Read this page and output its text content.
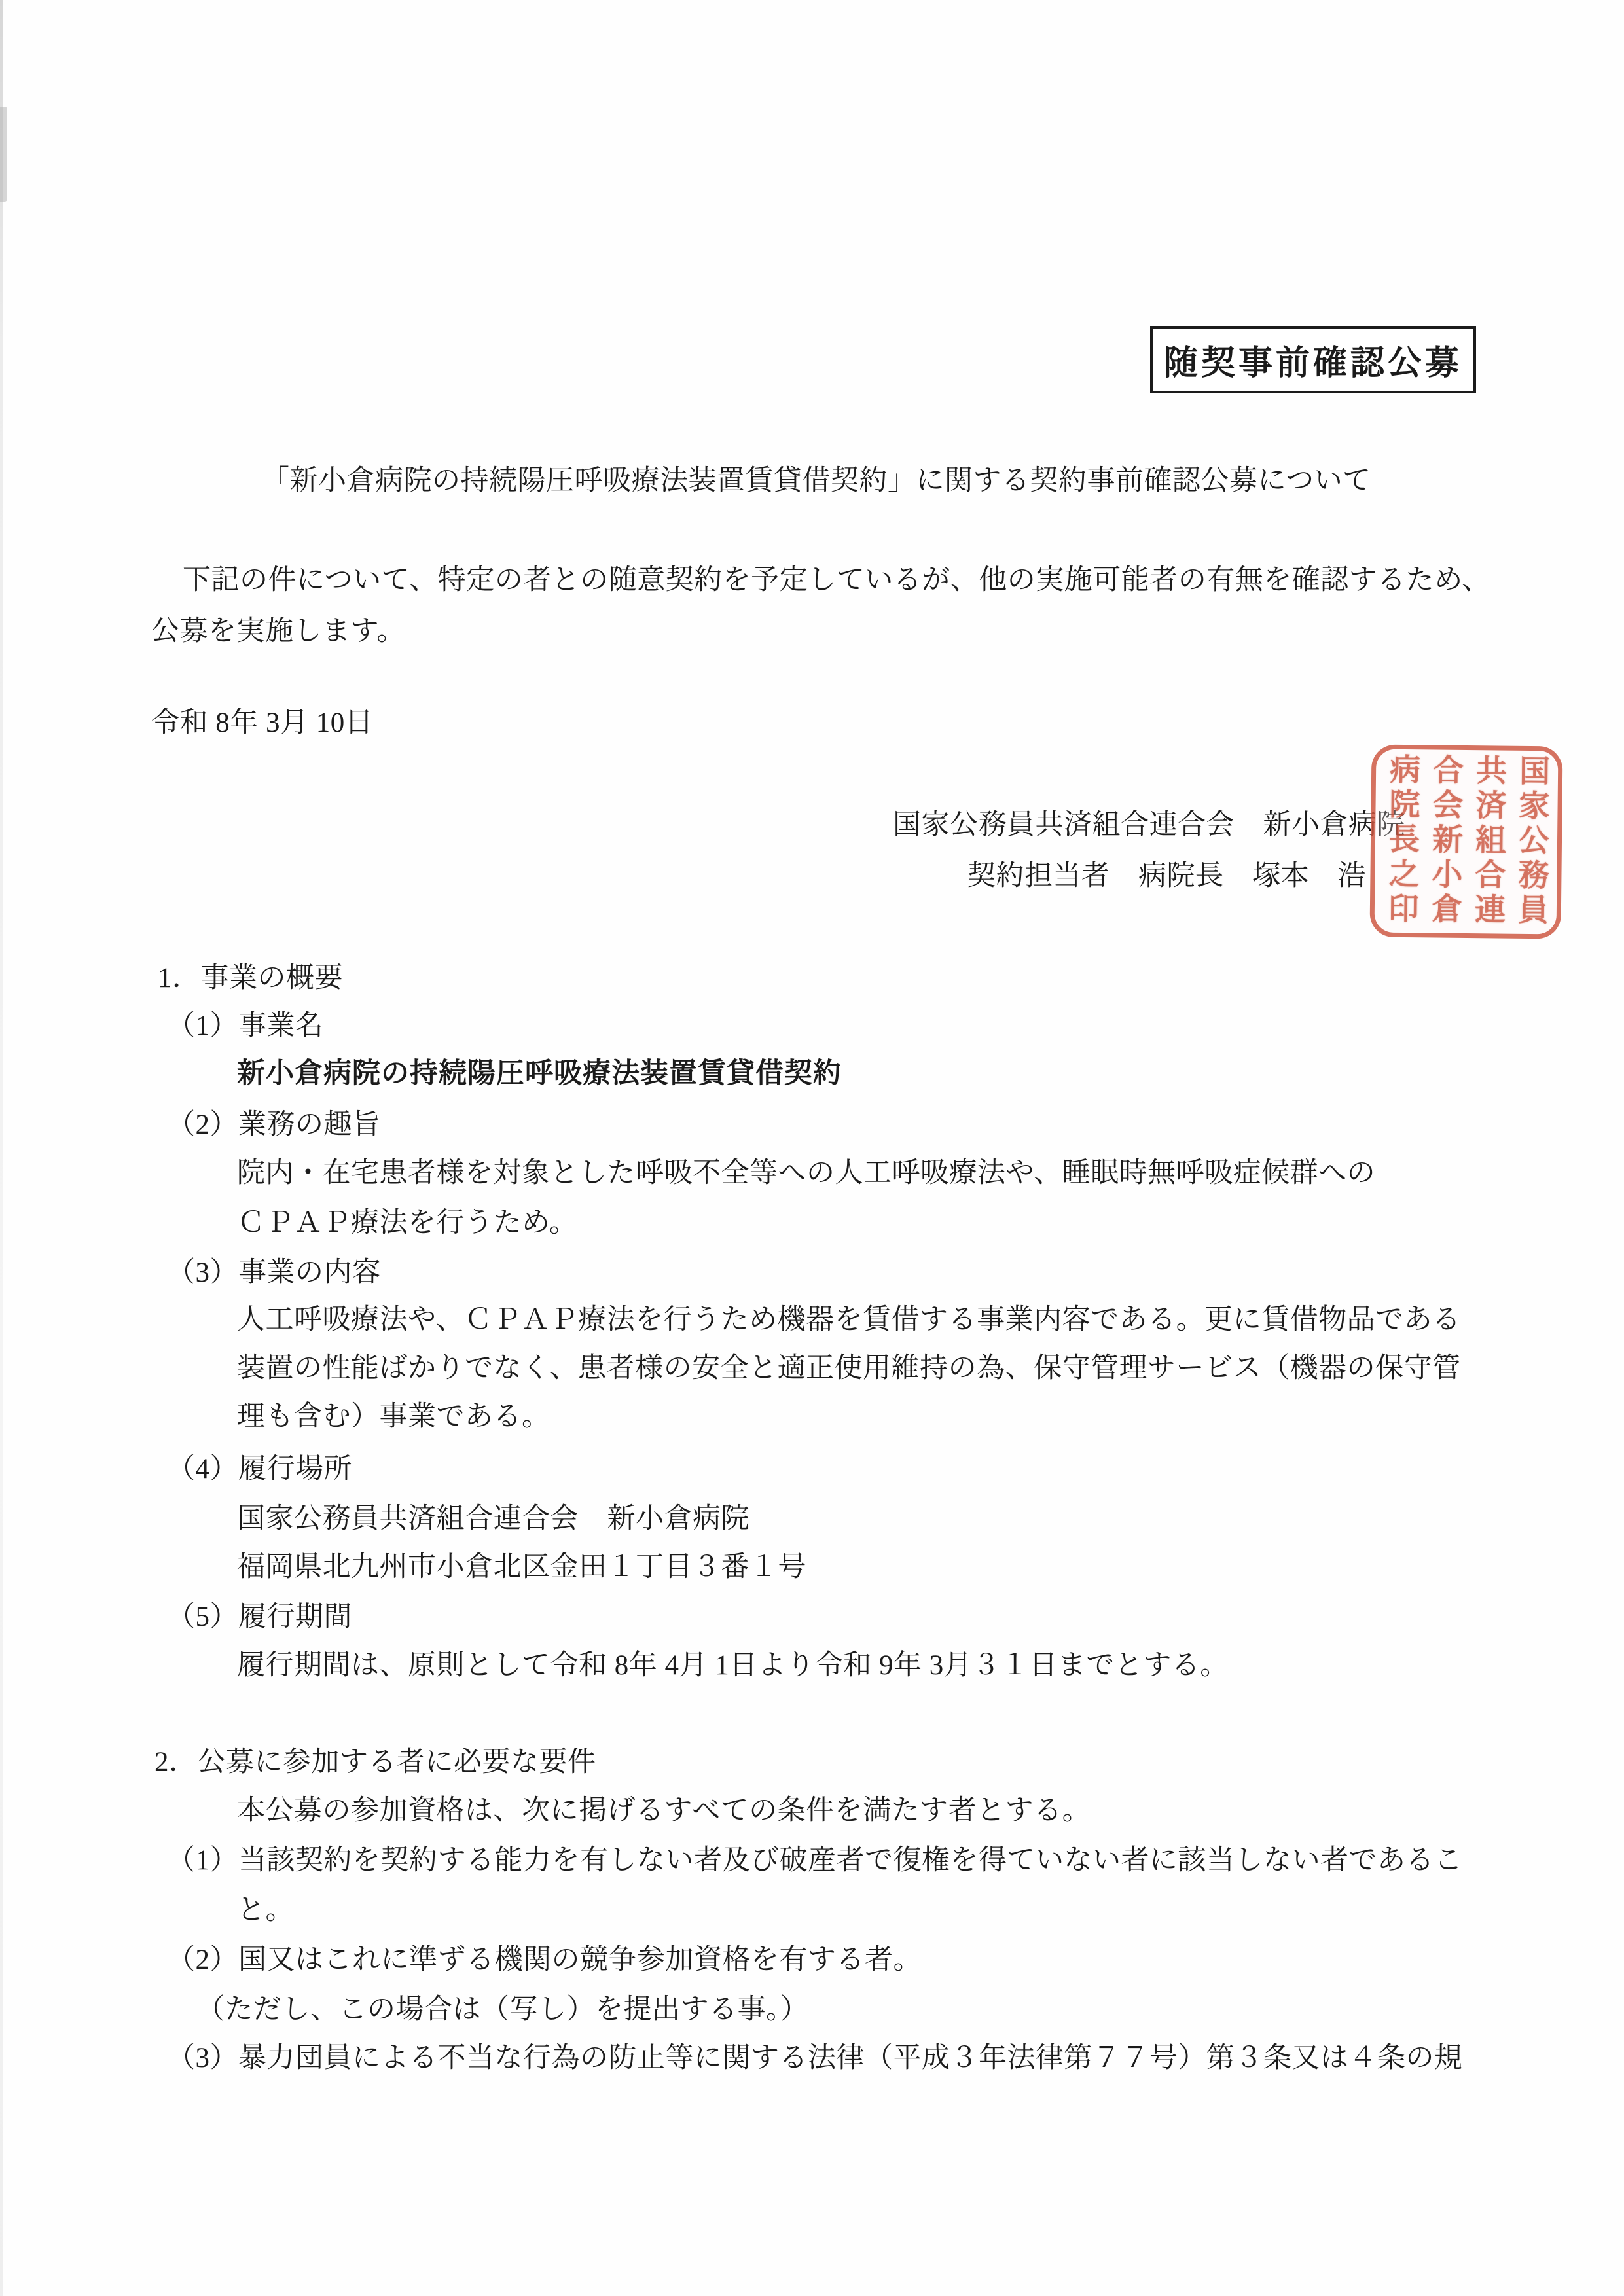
随契事前確認公募
「新小倉病院の持続陽圧呼吸療法装置賃貸借契約」に関する契約事前確認公募について
下記の件について、特定の者との随意契約を予定しているが、他の実施可能者の有無を確認するため、
公募を実施します。
令和 8年 3月 10日
国家公務員共済組合連合会　新小倉病院
契約担当者　病院長　塚本　浩	国家公務員共済組合連合会新小倉病院長之印
1．事業の概要
（1）事業名
新小倉病院の持続陽圧呼吸療法装置賃貸借契約
（2）業務の趣旨
院内・在宅患者様を対象とした呼吸不全等への人工呼吸療法や、睡眠時無呼吸症候群への
ＣＰＡＰ療法を行うため。
（3）事業の内容
人工呼吸療法や、ＣＰＡＰ療法を行うため機器を賃借する事業内容である。更に賃借物品である
装置の性能ばかりでなく、患者様の安全と適正使用維持の為、保守管理サービス（機器の保守管
理も含む）事業である。
（4）履行場所
国家公務員共済組合連合会　新小倉病院
福岡県北九州市小倉北区金田１丁目３番１号
（5）履行期間
履行期間は、原則として令和 8年 4月 1日より令和 9年 3月３１日までとする。
2．公募に参加する者に必要な要件
本公募の参加資格は、次に掲げるすべての条件を満たす者とする。
（1）当該契約を契約する能力を有しない者及び破産者で復権を得ていない者に該当しない者であるこ
と。
（2）国又はこれに準ずる機関の競争参加資格を有する者。
（ただし、この場合は（写し）を提出する事。）
（3）暴力団員による不当な行為の防止等に関する法律（平成３年法律第７７号）第３条又は４条の規
